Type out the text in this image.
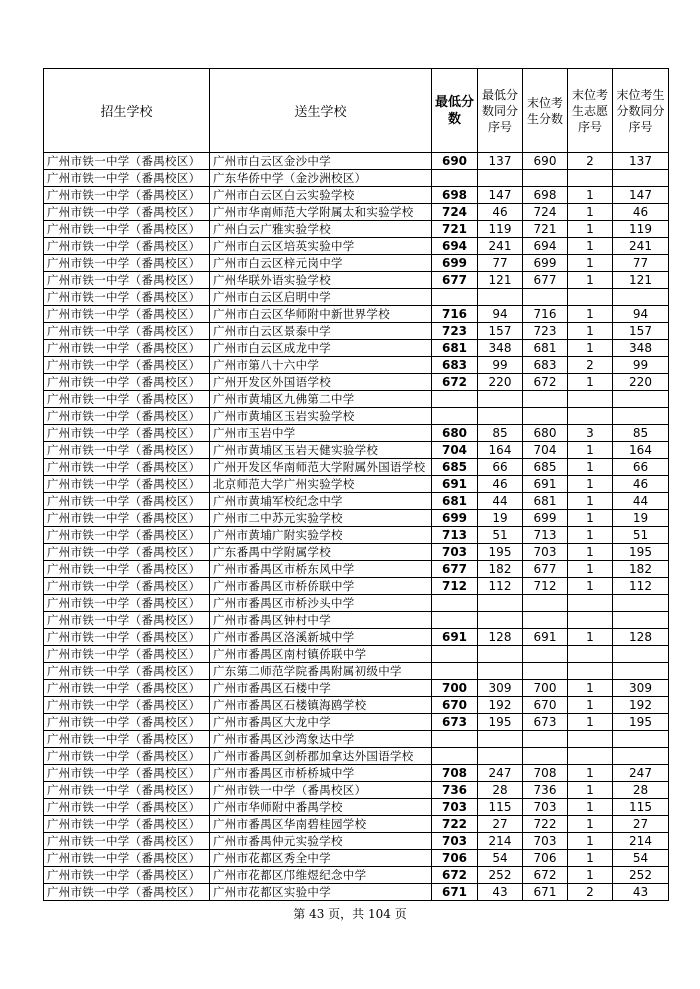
招生学校	送生学校	最低分数	最低分数同分序号	末位考生分数	末位考生志愿序号	末位考生分数同分序号
广州市铁一中学（番禺校区）	广州市白云区金沙中学	690	137	690	2	137
广州市铁一中学（番禺校区）	广东华侨中学（金沙洲校区）					
广州市铁一中学（番禺校区）	广州市白云区白云实验学校	698	147	698	1	147
广州市铁一中学（番禺校区）	广州市华南师范大学附属太和实验学校	724	46	724	1	46
广州市铁一中学（番禺校区）	广州白云广雅实验学校	721	119	721	1	119
广州市铁一中学（番禺校区）	广州市白云区培英实验中学	694	241	694	1	241
广州市铁一中学（番禺校区）	广州市白云区梓元岗中学	699	77	699	1	77
广州市铁一中学（番禺校区）	广州华联外语实验学校	677	121	677	1	121
广州市铁一中学（番禺校区）	广州市白云区启明中学					
广州市铁一中学（番禺校区）	广州市白云区华师附中新世界学校	716	94	716	1	94
广州市铁一中学（番禺校区）	广州市白云区景泰中学	723	157	723	1	157
广州市铁一中学（番禺校区）	广州市白云区成龙中学	681	348	681	1	348
广州市铁一中学（番禺校区）	广州市第八十六中学	683	99	683	2	99
广州市铁一中学（番禺校区）	广州开发区外国语学校	672	220	672	1	220
广州市铁一中学（番禺校区）	广州市黄埔区九佛第二中学					
广州市铁一中学（番禺校区）	广州市黄埔区玉岩实验学校					
广州市铁一中学（番禺校区）	广州市玉岩中学	680	85	680	3	85
广州市铁一中学（番禺校区）	广州市黄埔区玉岩天健实验学校	704	164	704	1	164
广州市铁一中学（番禺校区）	广州开发区华南师范大学附属外国语学校	685	66	685	1	66
广州市铁一中学（番禺校区）	北京师范大学广州实验学校	691	46	691	1	46
广州市铁一中学（番禺校区）	广州市黄埔军校纪念中学	681	44	681	1	44
广州市铁一中学（番禺校区）	广州市二中苏元实验学校	699	19	699	1	19
广州市铁一中学（番禺校区）	广州市黄埔广附实验学校	713	51	713	1	51
广州市铁一中学（番禺校区）	广东番禺中学附属学校	703	195	703	1	195
广州市铁一中学（番禺校区）	广州市番禺区市桥东风中学	677	182	677	1	182
广州市铁一中学（番禺校区）	广州市番禺区市桥侨联中学	712	112	712	1	112
广州市铁一中学（番禺校区）	广州市番禺区市桥沙头中学					
广州市铁一中学（番禺校区）	广州市番禺区钟村中学					
广州市铁一中学（番禺校区）	广州市番禺区洛溪新城中学	691	128	691	1	128
广州市铁一中学（番禺校区）	广州市番禺区南村镇侨联中学					
广州市铁一中学（番禺校区）	广东第二师范学院番禺附属初级中学					
广州市铁一中学（番禺校区）	广州市番禺区石楼中学	700	309	700	1	309
广州市铁一中学（番禺校区）	广州市番禺区石楼镇海鸥学校	670	192	670	1	192
广州市铁一中学（番禺校区）	广州市番禺区大龙中学	673	195	673	1	195
广州市铁一中学（番禺校区）	广州市番禺区沙湾象达中学					
广州市铁一中学（番禺校区）	广州市番禺区剑桥郡加拿达外国语学校					
广州市铁一中学（番禺校区）	广州市番禺区市桥桥城中学	708	247	708	1	247
广州市铁一中学（番禺校区）	广州市铁一中学（番禺校区）	736	28	736	1	28
广州市铁一中学（番禺校区）	广州市华师附中番禺学校	703	115	703	1	115
广州市铁一中学（番禺校区）	广州市番禺区华南碧桂园学校	722	27	722	1	27
广州市铁一中学（番禺校区）	广州市番禺仲元实验学校	703	214	703	1	214
广州市铁一中学（番禺校区）	广州市花都区秀全中学	706	54	706	1	54
广州市铁一中学（番禺校区）	广州市花都区邝维煜纪念中学	672	252	672	1	252
广州市铁一中学（番禺校区）	广州市花都区实验中学	671	43	671	2	43
第 43 页，共 104 页
